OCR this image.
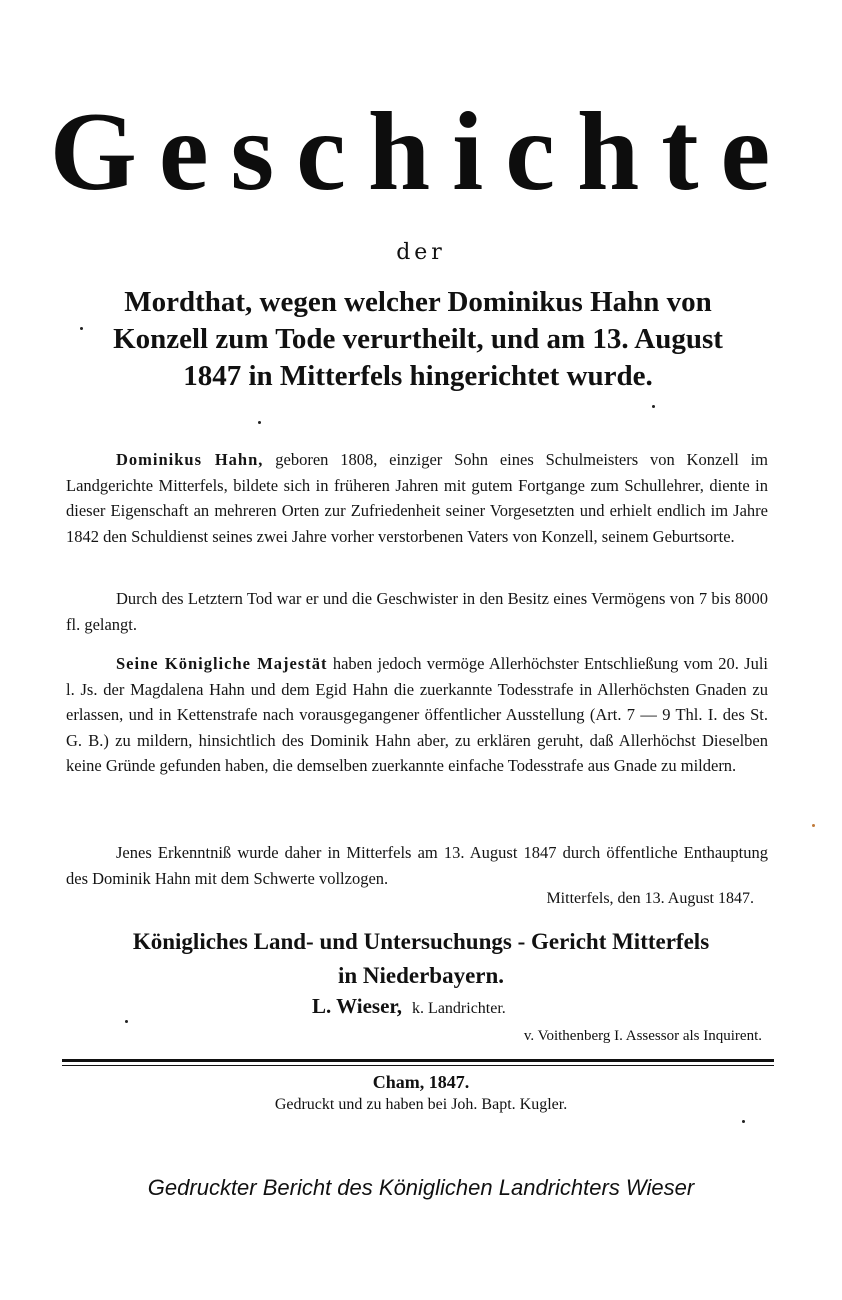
Geschichte
der
Mordthat, wegen welcher Dominikus Hahn von
Konzell zum Tode verurtheilt, und am 13. August
1847 in Mitterfels hingerichtet wurde.

Dominikus Hahn, geboren 1808, einziger Sohn eines Schulmeisters von Konzell im Landgerichte Mitterfels, bildete sich in früheren Jahren mit gutem Fortgange zum Schullehrer, diente in dieser Eigenschaft an mehreren Orten zur Zufriedenheit seiner Vorgesetzten und erhielt endlich im Jahre 1842 den Schuldienst seines zwei Jahre vorher verstorbenen Vaters von Konzell, seinem Geburtsorte.

Durch des Letztern Tod war er und die Geschwister in den Besitz eines Vermögens von 7 bis 8000 fl. gelangt.

Seine Königliche Majestät haben jedoch vermöge Allerhöchster Entschließung vom 20. Juli l. Js. der Magdalena Hahn und dem Egid Hahn die zuerkannte Todesstrafe in Allerhöchsten Gnaden zu erlassen, und in Kettenstrafe nach vorausgegangener öffentlicher Ausstellung (Art. 7 — 9 Thl. I. des St. G. B.) zu mildern, hinsichtlich des Dominik Hahn aber, zu erklären geruht, daß Allerhöchst Dieselben keine Gründe gefunden haben, die demselben zuerkannte einfache Todesstrafe aus Gnade zu mildern.

Jenes Erkenntniß wurde daher in Mitterfels am 13. August 1847 durch öffentliche Enthauptung des Dominik Hahn mit dem Schwerte vollzogen.

Mitterfels, den 13. August 1847.
Königliches Land- und Untersuchungs - Gericht Mitterfels
in Niederbayern.
L. Wieser, k. Landrichter.
v. Voithenberg I. Assessor als Inquirent.
Cham, 1847.
Gedruckt und zu haben bei Joh. Bapt. Kugler.
Gedruckter Bericht des Königlichen Landrichters Wieser
